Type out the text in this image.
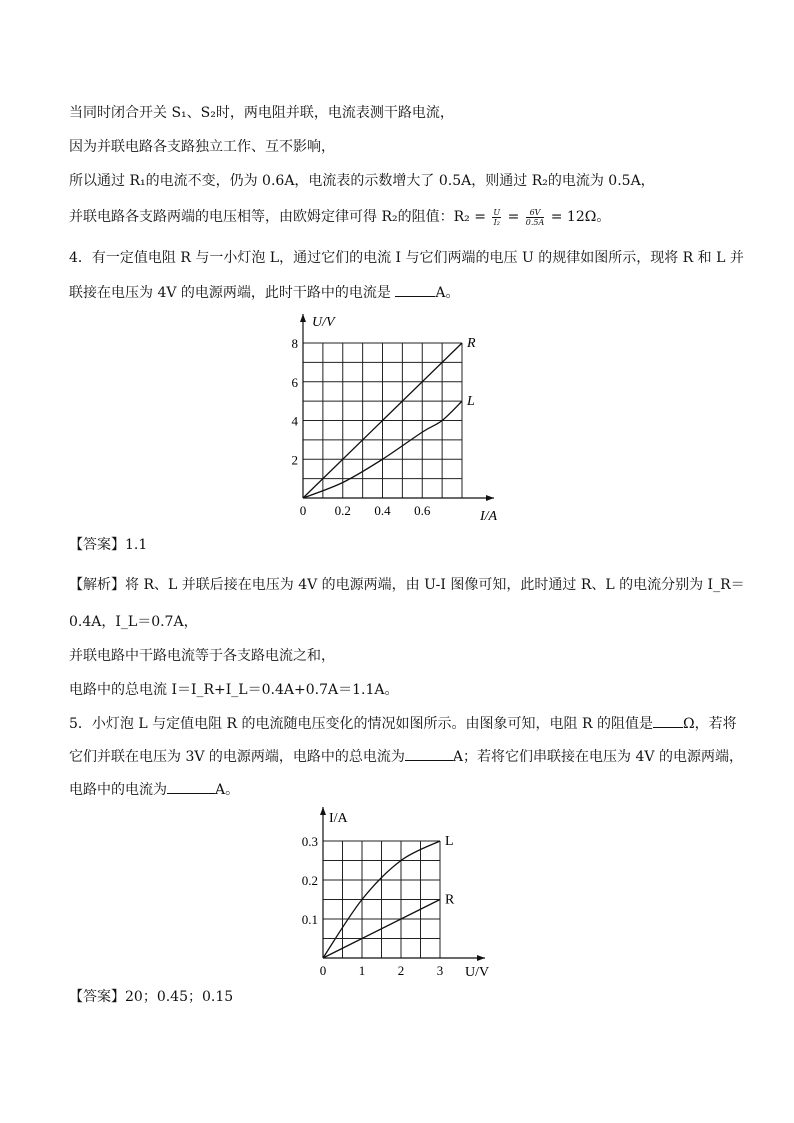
当同时闭合开关 S₁、S₂时，两电阻并联，电流表测干路电流，
因为并联电路各支路独立工作、互不影响，
所以通过 R₁的电流不变，仍为 0.6A，电流表的示数增大了 0.5A，则通过 R₂的电流为 0.5A，
并联电路各支路两端的电压相等，由欧姆定律可得 R₂的阻值：$R_2 = \frac{U}{\text{I₂}} = \frac{6V}{0.5A} = 12\Omega$。
4．有一定值电阻 R 与一小灯泡 L，通过它们的电流 I 与它们两端的电压 U 的规律如图所示，现将 R 和 L 并
联接在电压为 4V 的电源两端，此时干路中的电流是	A。
0 0.2 0.4 0.6
2
4
6
8
I/A
U/V
R
L
【答案】1.1
【解析】将 R、L 并联后接在电压为 4V 的电源两端，由 U-I 图像可知，此时通过 R、L 的电流分别为 I_R＝
0.4A，I_L＝0.7A，
并联电路中干路电流等于各支路电流之和，
电路中的总电流 I＝I_R+I_L＝0.4A+0.7A＝1.1A。
5．小灯泡 L 与定值电阻 R 的电流随电压变化的情况如图所示。由图象可知，电阻 R 的阻值是 Ω，若将
它们并联在电压为 3V 的电源两端，电路中的总电流为	A；若将它们串联接在电压为 4V 的电源两端，
电路中的电流为	A。
0	1	2	3
0.1
0.2
0.3
U/V
I/A
L
R
【答案】20；0.45；0.15
